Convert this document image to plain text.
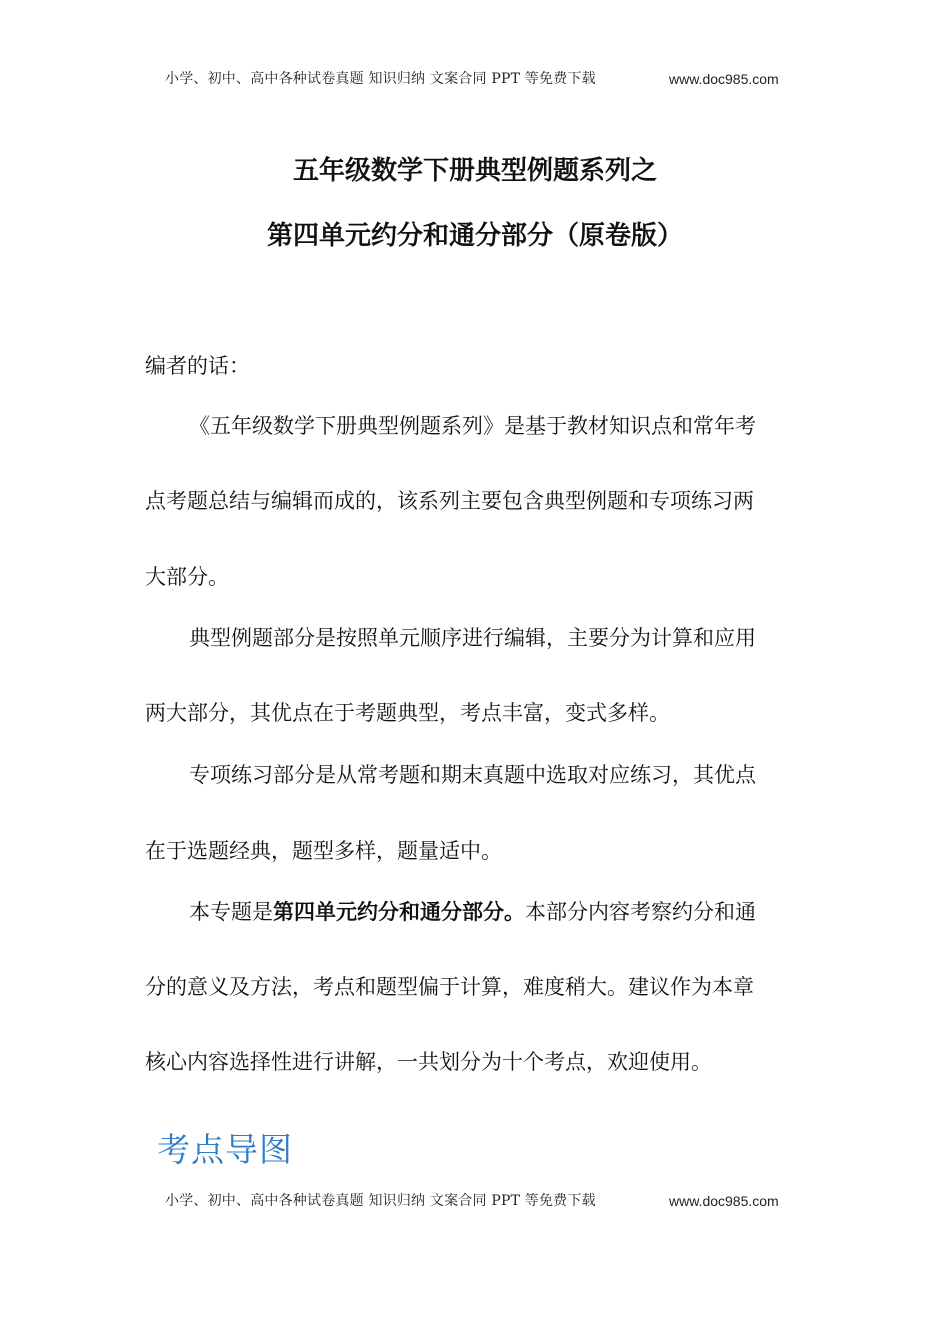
小学、初中、高中各种试卷真题 知识归纳 文案合同 PPT 等免费下载	www.doc985.com
五年级数学下册典型例题系列之
第四单元约分和通分部分（原卷版）
编者的话：
《五年级数学下册典型例题系列》是基于教材知识点和常年考
点考题总结与编辑而成的，该系列主要包含典型例题和专项练习两
大部分。
典型例题部分是按照单元顺序进行编辑，主要分为计算和应用
两大部分，其优点在于考题典型，考点丰富，变式多样。
专项练习部分是从常考题和期末真题中选取对应练习，其优点
在于选题经典，题型多样，题量适中。
本专题是第四单元约分和通分部分。本部分内容考察约分和通
分的意义及方法，考点和题型偏于计算，难度稍大。建议作为本章
核心内容选择性进行讲解，一共划分为十个考点，欢迎使用。
考点导图
小学、初中、高中各种试卷真题 知识归纳 文案合同 PPT 等免费下载	www.doc985.com
